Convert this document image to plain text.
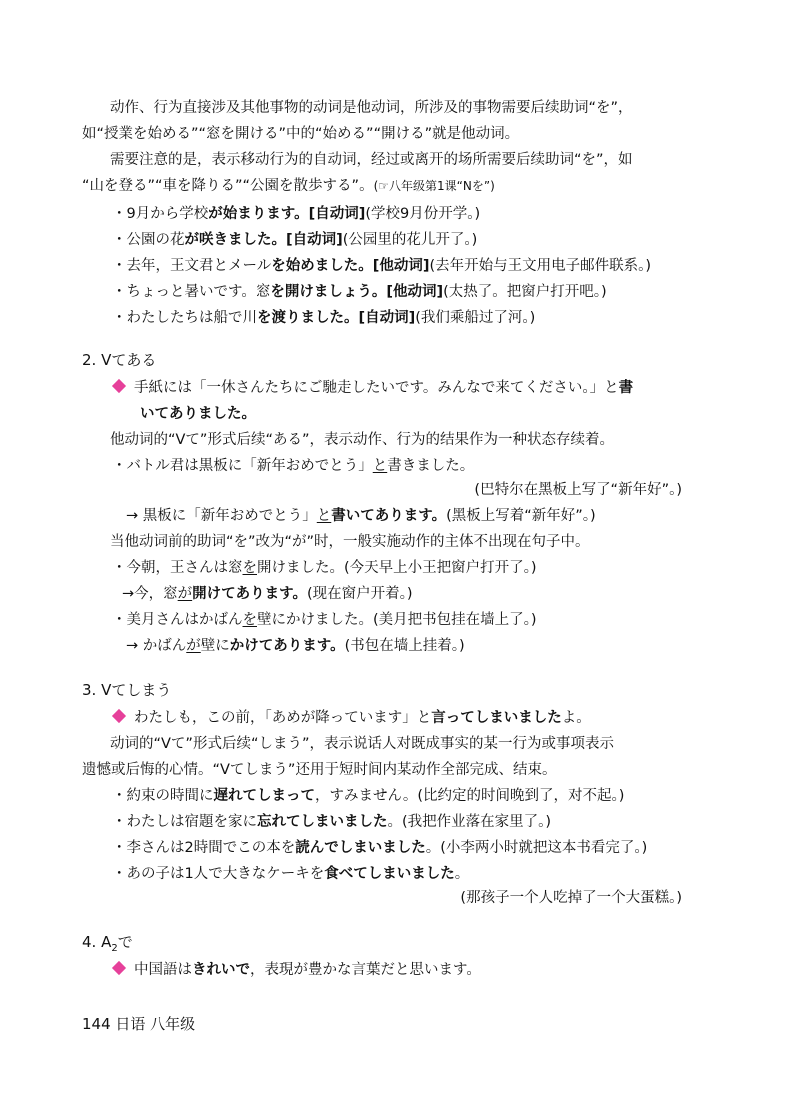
动作、行为直接涉及其他事物的动词是他动词，所涉及的事物需要后续助词“を”，
如“授業を始める”“窓を開ける”中的“始める”“開ける”就是他动词。
需要注意的是，表示移动行为的自动词，经过或离开的场所需要后续助词“を”，如
“山を登る”“車を降りる”“公園を散歩する”。(☞八年级第1课“Nを”)
・9月から学校が始まります。[自动词](学校9月份开学。)
・公園の花が咲きました。[自动词](公园里的花儿开了。)
・去年，王文君とメールを始めました。[他动词](去年开始与王文用电子邮件联系。)
・ちょっと暑いです。窓を開けましょう。[他动词](太热了。把窗户打开吧。)
・わたしたちは船で川を渡りました。[自动词](我们乘船过了河。)
2. Vてある
手紙には「一休さんたちにご馳走したいです。みんなで来てください。」と書
いてありました。
他动词的“Vて”形式后续“ある”，表示动作、行为的结果作为一种状态存续着。
・バトル君は黒板に「新年おめでとう」と書きました。
(巴特尔在黑板上写了“新年好”。)
→ 黒板に「新年おめでとう」と書いてあります。(黑板上写着“新年好”。)
当他动词前的助词“を”改为“が”时，一般实施动作的主体不出现在句子中。
・今朝，王さんは窓を開けました。(今天早上小王把窗户打开了。)
→今，窓が開けてあります。(现在窗户开着。)
・美月さんはかばんを壁にかけました。(美月把书包挂在墙上了。)
→ かばんが壁にかけてあります。(书包在墙上挂着。)
3. Vてしまう
わたしも，この前，「あめが降っています」と言ってしまいましたよ。
动词的“Vて”形式后续“しまう”，表示说话人对既成事实的某一行为或事项表示
遗憾或后悔的心情。“Vてしまう”还用于短时间内某动作全部完成、结束。
・約束の時間に遅れてしまって，すみません。(比约定的时间晚到了，对不起。)
・わたしは宿題を家に忘れてしまいました。(我把作业落在家里了。)
・李さんは2時間でこの本を読んでしまいました。(小李两小时就把这本书看完了。)
・あの子は1人で大きなケーキを食べてしまいました。
(那孩子一个人吃掉了一个大蛋糕。)
4. $A_2$で
中国語はきれいで，表現が豊かな言葉だと思います。
144 日语 八年级
